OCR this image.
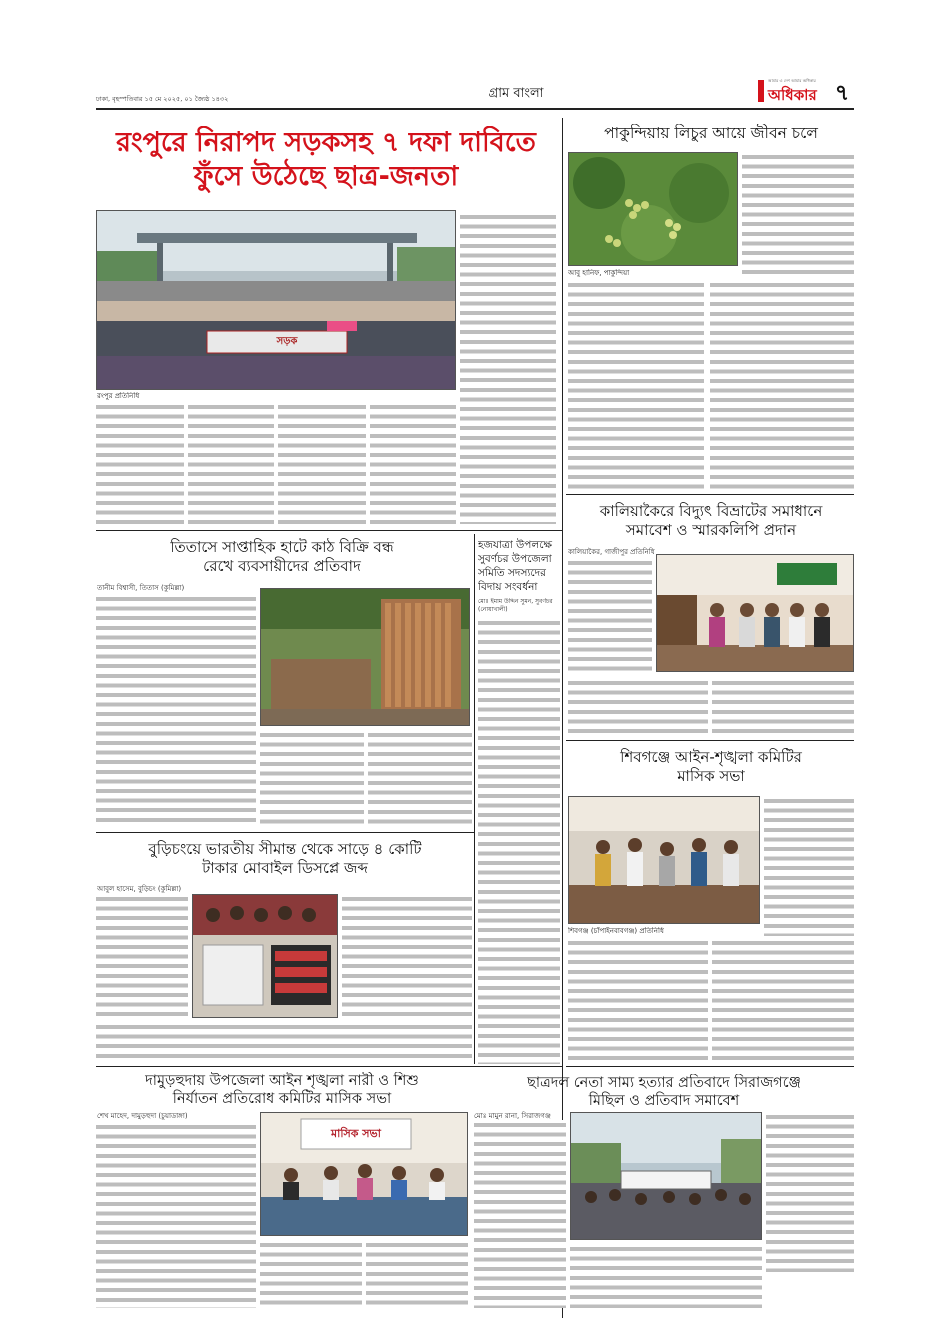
গ্রাম বাংলা
ঢাকা, বৃহস্পতিবার ১৫ মে ২০২৫, ০১ জ্যৈষ্ঠ ১৪৩২
আমার এ দেশ আমার অধিকার
অধিকার ৭
রংপুরে নিরাপদ সড়কসহ ৭ দফা দাবিতে
ফুঁসে উঠেছে ছাত্র-জনতা
সড়ক
রংপুর প্রতিনিধি
পাকুন্দিয়ায় লিচুর আয়ে জীবন চলে
আবু হানিফ, পাকুন্দিয়া
কালিয়াকৈরে বিদ্যুৎ বিভ্রাটের সমাধানে
সমাবেশ ও স্মারকলিপি প্রদান
কালিয়াকৈর, গাজীপুর প্রতিনিধি
শিবগঞ্জে আইন-শৃঙ্খলা কমিটির
মাসিক সভা
শিবগঞ্জ (চাঁপাইনবাবগঞ্জ) প্রতিনিধি
ছাত্রদল নেতা সাম্য হত্যার প্রতিবাদে সিরাজগঞ্জে
মিছিল ও প্রতিবাদ সমাবেশ
মোঃ মামুন রানা, সিরাজগঞ্জ
তিতাসে সাপ্তাহিক হাটে কাঠ বিক্রি বন্ধ
রেখে ব্যবসায়ীদের প্রতিবাদ
তানীম বিশ্বাসী, তিতাস (কুমিল্লা)
হজযাত্রা উপলক্ষে সুবর্ণচর উপজেলা সমিতি সদস্যদের বিদায় সংবর্ধনা
মোঃ ইমাম উদ্দিন সুমন, সুবর্ণচর (নোয়াখালী)
বুড়িচংয়ে ভারতীয় সীমান্ত থেকে সাড়ে ৪ কোটি
টাকার মোবাইল ডিসপ্লে জব্দ
আবুল হাসেম, বুড়িচং (কুমিল্লা)
দামুড়হুদায় উপজেলা আইন শৃঙ্খলা নারী ও শিশু
নির্যাতন প্রতিরোধ কমিটির মাসিক সভা
শেখ মাহেদ, দামুড়হুদা (চুয়াডাঙ্গা)
মাসিক সভা
